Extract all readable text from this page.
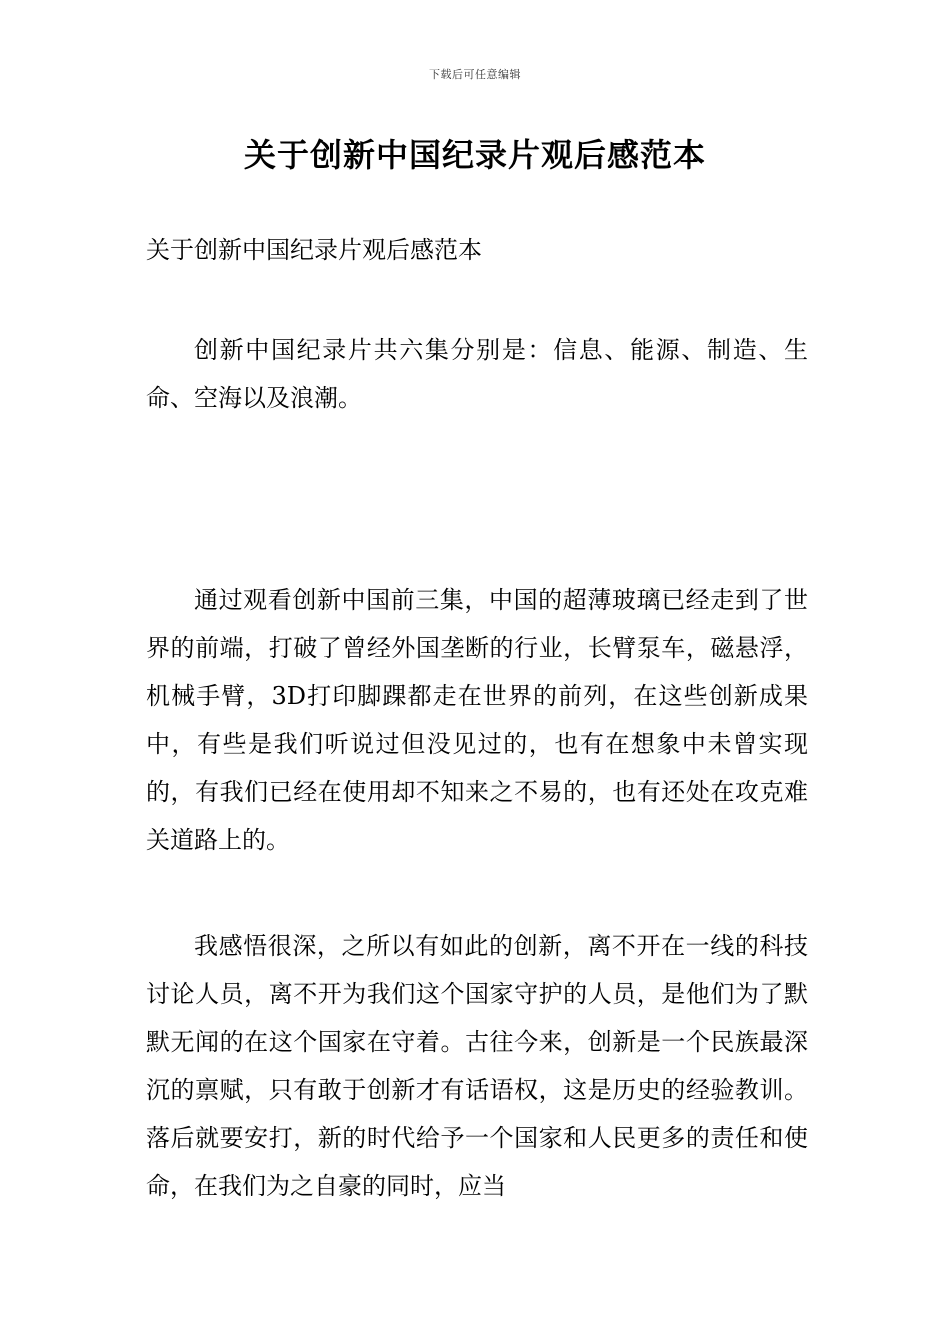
下载后可任意编辑
关于创新中国纪录片观后感范本

关于创新中国纪录片观后感范本

创新中国纪录片共六集分别是：信息、能源、制造、生命、空海以及浪潮。

通过观看创新中国前三集，中国的超薄玻璃已经走到了世界的前端，打破了曾经外国垄断的行业，长臂泵车，磁悬浮，机械手臂，3D打印脚踝都走在世界的前列，在这些创新成果中，有些是我们听说过但没见过的，也有在想象中未曾实现的，有我们已经在使用却不知来之不易的，也有还处在攻克难关道路上的。

我感悟很深，之所以有如此的创新，离不开在一线的科技讨论人员，离不开为我们这个国家守护的人员，是他们为了默默无闻的在这个国家在守着。古往今来，创新是一个民族最深沉的禀赋，只有敢于创新才有话语权，这是历史的经验教训。落后就要安打，新的时代给予一个国家和人民更多的责任和使命，在我们为之自豪的同时，应当
